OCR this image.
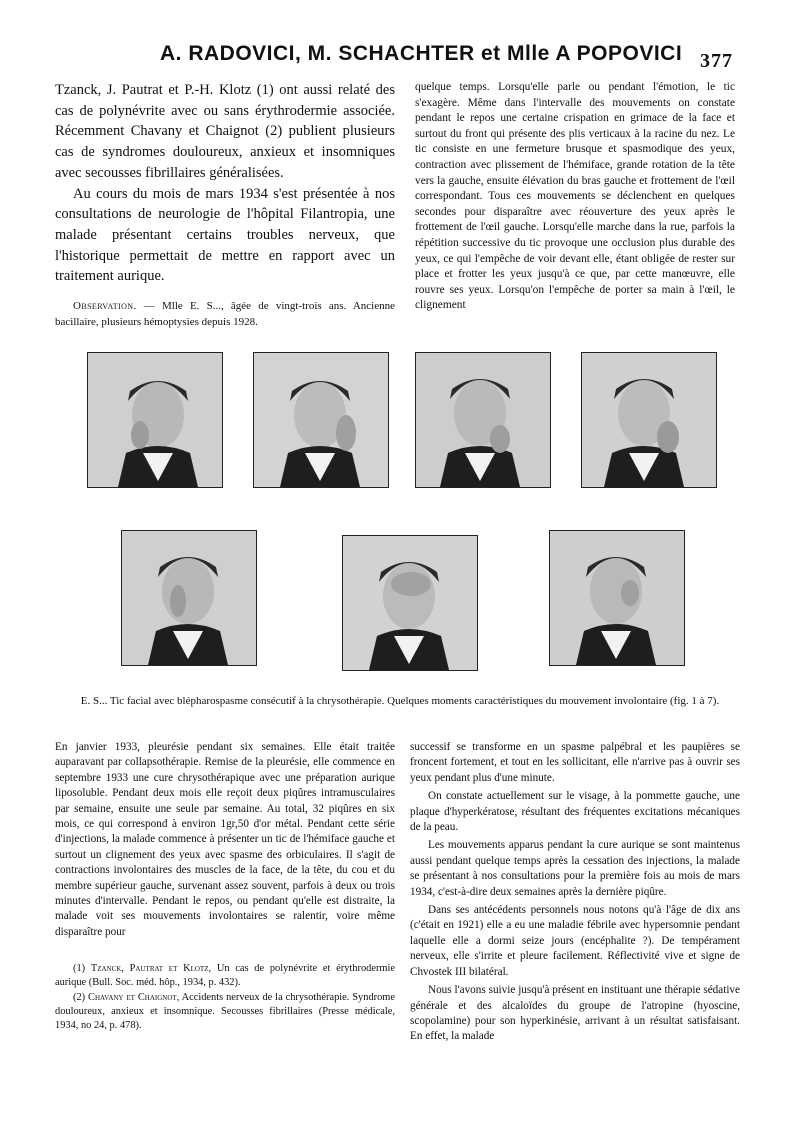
A. RADOVICI, M. SCHACHTER et Mlle A POPOVICI 377

Tzanck, J. Pautrat et P.-H. Klotz (1) ont aussi relaté des cas de polynévrite avec ou sans érythrodermie associée. Récemment Chavany et Chaignot (2) publient plusieurs cas de syndromes douloureux, anxieux et insomniques avec secousses fibrillaires généralisées.

Au cours du mois de mars 1934 s'est présentée à nos consultations de neurologie de l'hôpital Filantropia, une malade présentant certains troubles nerveux, que l'historique permettait de mettre en rapport avec un traitement aurique.

Observation. — Mlle E. S..., âgée de vingt-trois ans. Ancienne bacillaire, plusieurs hémoptysies depuis 1928.

quelque temps. Lorsqu'elle parle ou pendant l'émotion, le tic s'exagère. Même dans l'intervalle des mouvements on constate pendant le repos une certaine crispation en grimace de la face et surtout du front qui présente des plis verticaux à la racine du nez. Le tic consiste en une fermeture brusque et spasmodique des yeux, contraction avec plissement de l'hémiface, grande rotation de la tête vers la gauche, ensuite élévation du bras gauche et frottement de l'œil correspondant. Tous ces mouvements se déclenchent en quelques secondes pour disparaître avec réouverture des yeux après le frottement de l'œil gauche. Lorsqu'elle marche dans la rue, parfois la répétition successive du tic provoque une occlusion plus durable des yeux, ce qui l'empêche de voir devant elle, étant obligée de rester sur place et frotter les yeux jusqu'à ce que, par cette manœuvre, elle rouvre ses yeux. Lorsqu'on l'empêche de porter sa main à l'œil, le clignement

E. S... Tic facial avec blépharospasme consécutif à la chrysothérapie. Quelques moments caractéristiques du mouvement involontaire (fig. 1 à 7).

En janvier 1933, pleurésie pendant six semaines. Elle était traitée auparavant par collapsothérapie. Remise de la pleurésie, elle commence en septembre 1933 une cure chrysothérapique avec une préparation aurique liposoluble. Pendant deux mois elle reçoit deux piqûres intramusculaires par semaine, ensuite une seule par semaine. Au total, 32 piqûres en six mois, ce qui correspond à environ 1gr,50 d'or métal. Pendant cette série d'injections, la malade commence à présenter un tic de l'hémiface gauche et surtout un clignement des yeux avec spasme des orbiculaires. Il s'agit de contractions involontaires des muscles de la face, de la tête, du cou et du membre supérieur gauche, survenant assez souvent, parfois à deux ou trois minutes d'intervalle. Pendant le repos, ou pendant qu'elle est distraite, la malade voit ses mouvements involontaires se ralentir, voire même disparaître pour

(1) Tzanck, Pautrat et Klotz, Un cas de polynévrite et érythrodermie aurique (Bull. Soc. méd. hôp., 1934, p. 432).

(2) Chavany et Chaignot, Accidents nerveux de la chrysothérapie. Syndrome douloureux, anxieux et insomnique. Secousses fibrillaires (Presse médicale, 1934, no 24, p. 478).

successif se transforme en un spasme palpébral et les paupières se froncent fortement, et tout en les sollicitant, elle n'arrive pas à ouvrir ses yeux pendant plus d'une minute.

On constate actuellement sur le visage, à la pommette gauche, une plaque d'hyperkératose, résultant des fréquentes excitations mécaniques de la peau.

Les mouvements apparus pendant la cure aurique se sont maintenus aussi pendant quelque temps après la cessation des injections, la malade se présentant à nos consultations pour la première fois au mois de mars 1934, c'est-à-dire deux semaines après la dernière piqûre.

Dans ses antécédents personnels nous notons qu'à l'âge de dix ans (c'était en 1921) elle a eu une maladie fébrile avec hypersomnie pendant laquelle elle a dormi seize jours (encéphalite ?). De tempérament nerveux, elle s'irrite et pleure facilement. Réflectivité vive et signe de Chvostek III bilatéral.

Nous l'avons suivie jusqu'à présent en instituant une thérapie sédative générale et des alcaloïdes du groupe de l'atropine (hyoscine, scopolamine) pour son hyperkinésie, arrivant à un résultat satisfaisant. En effet, la malade
